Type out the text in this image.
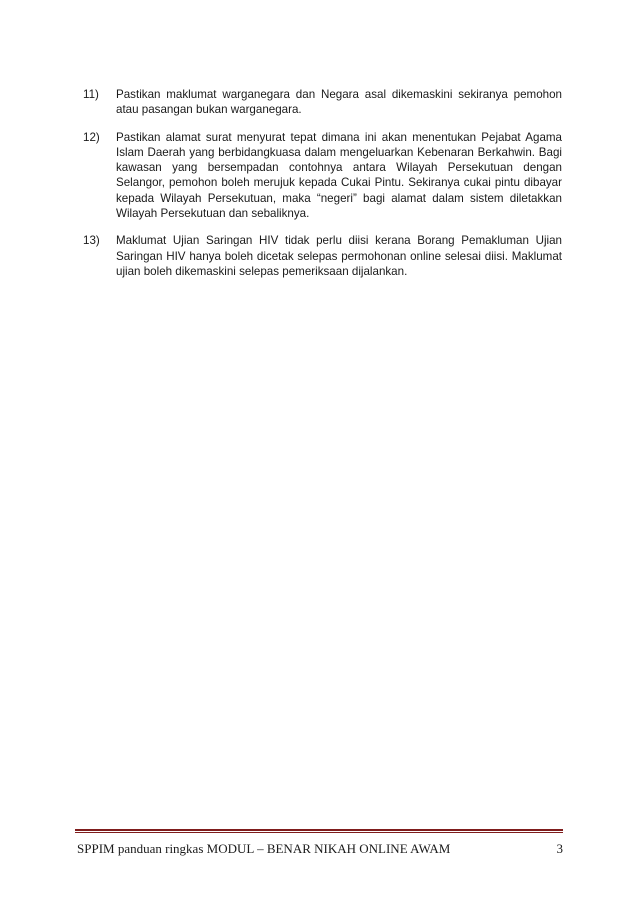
11)	Pastikan maklumat warganegara dan Negara asal dikemaskini sekiranya pemohon atau pasangan bukan warganegara.
12)	Pastikan alamat surat menyurat tepat dimana ini akan menentukan Pejabat Agama Islam Daerah yang berbidangkuasa dalam mengeluarkan Kebenaran Berkahwin. Bagi kawasan yang bersempadan contohnya antara Wilayah Persekutuan dengan Selangor, pemohon boleh merujuk kepada Cukai Pintu. Sekiranya cukai pintu dibayar kepada Wilayah Persekutuan, maka “negeri” bagi alamat dalam sistem diletakkan Wilayah Persekutuan dan sebaliknya.
13)	Maklumat Ujian Saringan HIV tidak perlu diisi kerana Borang Pemakluman Ujian Saringan HIV hanya boleh dicetak selepas permohonan online selesai diisi. Maklumat ujian boleh dikemaskini selepas pemeriksaan dijalankan.
SPPIM panduan ringkas MODUL – BENAR NIKAH ONLINE AWAM	3
